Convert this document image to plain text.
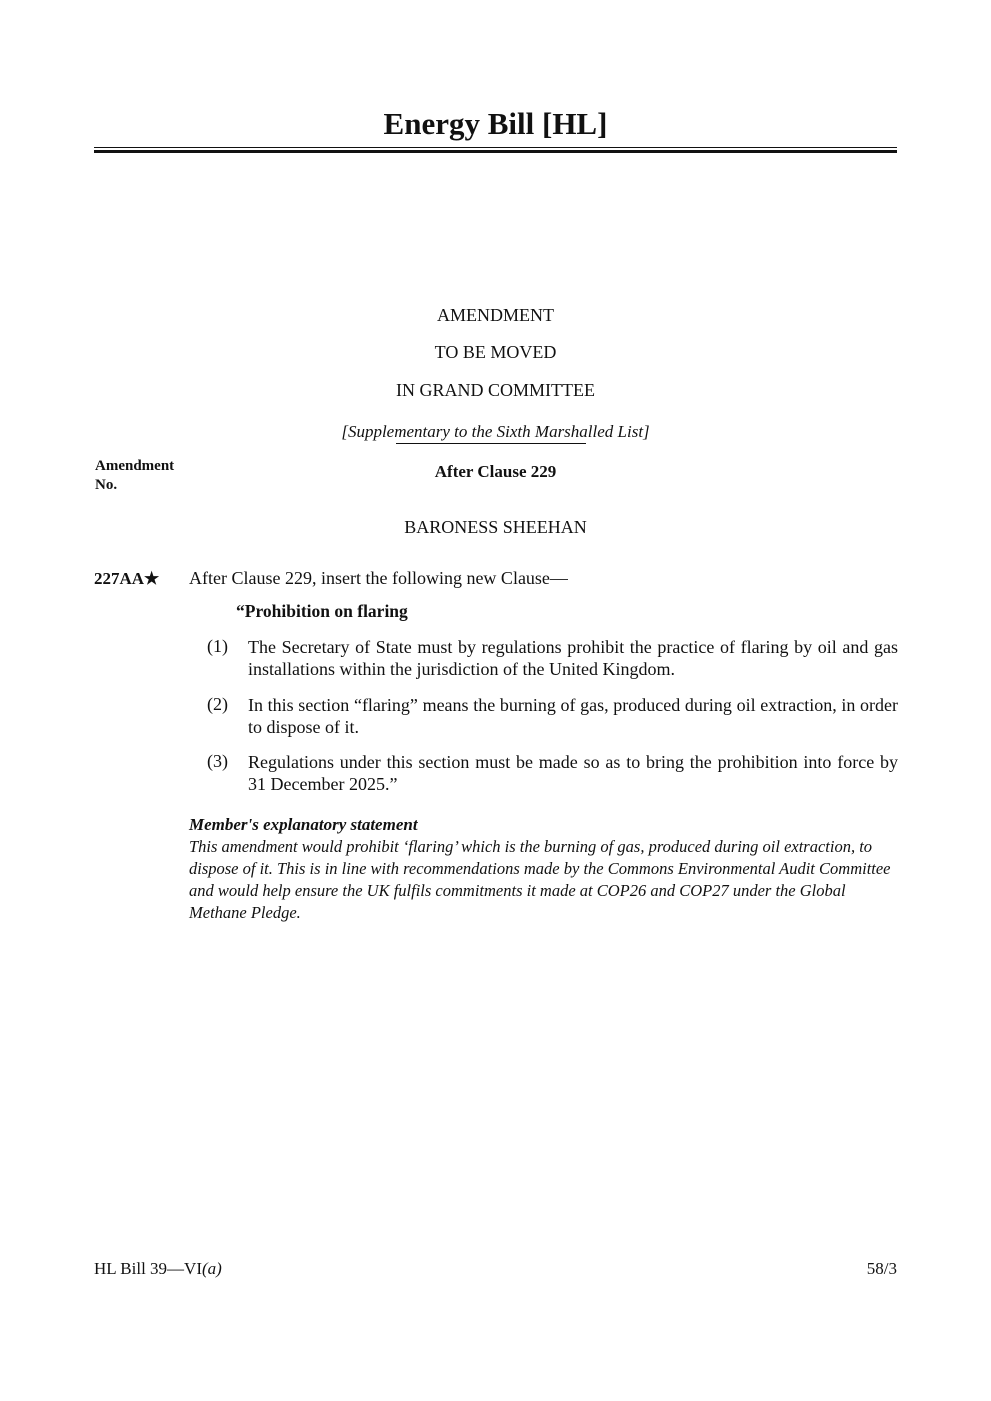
Energy Bill [HL]
AMENDMENT
TO BE MOVED
IN GRAND COMMITTEE
[Supplementary to the Sixth Marshalled List]
Amendment
No.
After Clause 229
BARONESS SHEEHAN
227AA★ After Clause 229, insert the following new Clause—
“Prohibition on flaring
(1) The Secretary of State must by regulations prohibit the practice of flaring by oil and gas installations within the jurisdiction of the United Kingdom.
(2) In this section “flaring” means the burning of gas, produced during oil extraction, in order to dispose of it.
(3) Regulations under this section must be made so as to bring the prohibition into force by 31 December 2025.”
Member's explanatory statement
This amendment would prohibit ‘flaring’ which is the burning of gas, produced during oil extraction, to dispose of it. This is in line with recommendations made by the Commons Environmental Audit Committee and would help ensure the UK fulfils commitments it made at COP26 and COP27 under the Global Methane Pledge.
HL Bill 39—VI(a)	58/3
